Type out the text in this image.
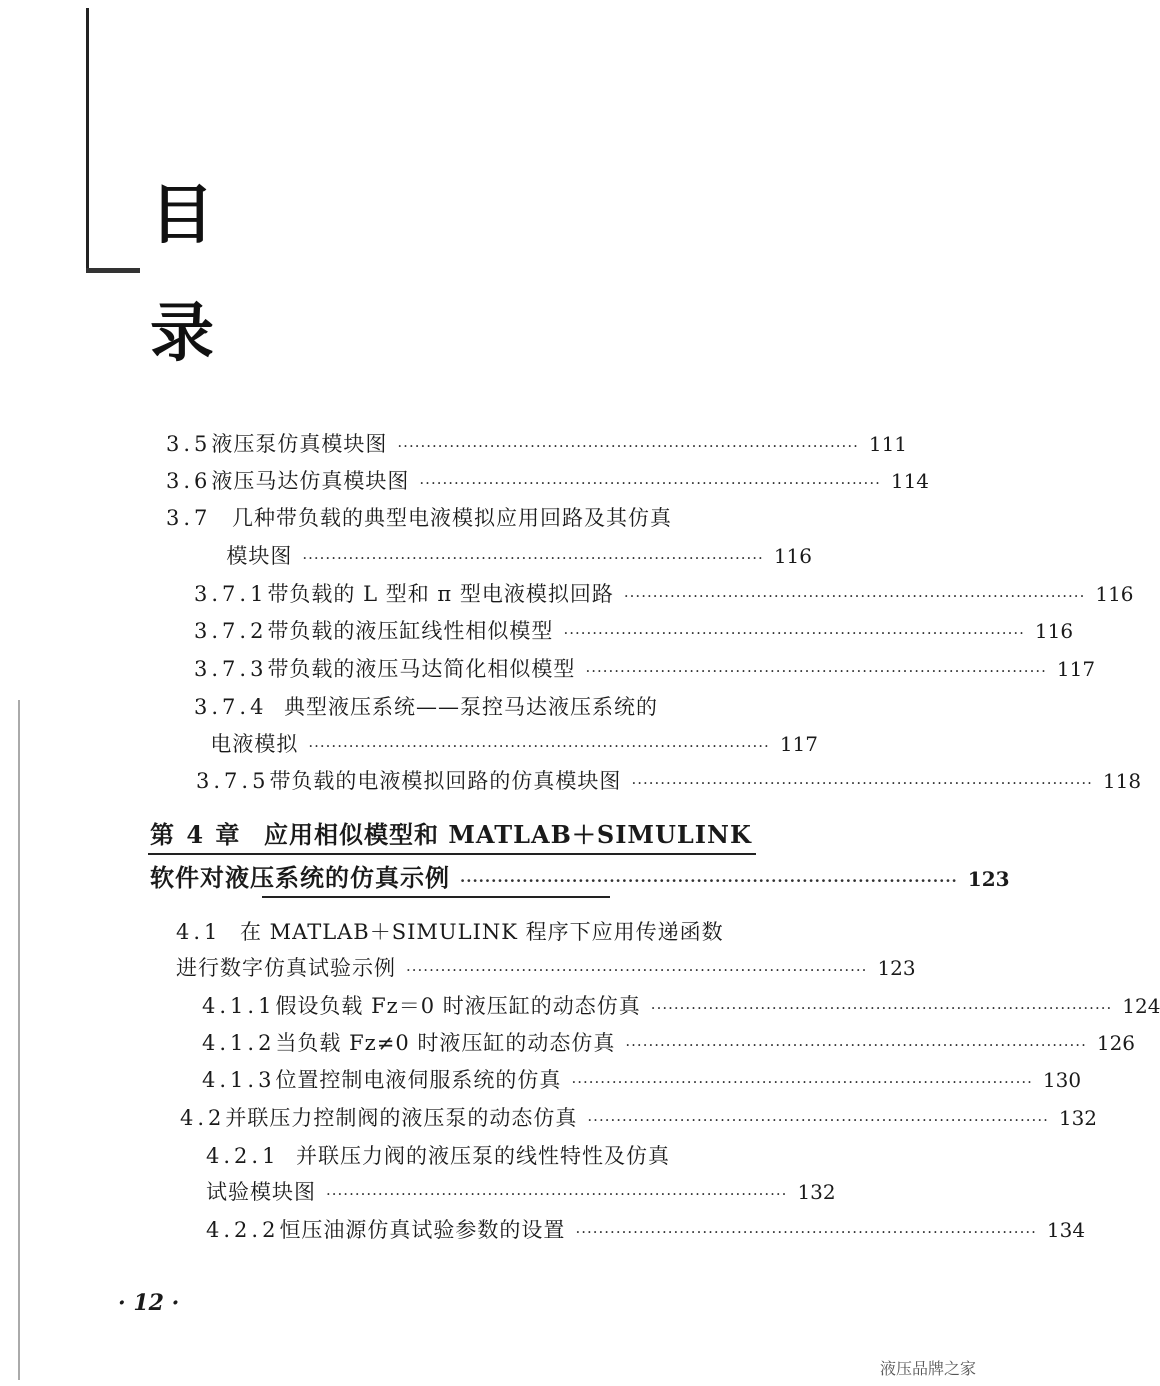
目
录
3.5 液压泵仿真模块图 ················································································ 111
3.6 液压马达仿真模块图 ················································································ 114
3.7 几种带负载的典型电液模拟应用回路及其仿真
模块图 ················································································ 116
3.7.1 带负载的 L 型和 π 型电液模拟回路 ················································································ 116
3.7.2 带负载的液压缸线性相似模型 ················································································ 116
3.7.3 带负载的液压马达简化相似模型 ················································································ 117
3.7.4 典型液压系统——泵控马达液压系统的
电液模拟 ················································································ 117
3.7.5 带负载的电液模拟回路的仿真模块图 ················································································ 118
第 4 章 应用相似模型和 MATLAB＋SIMULINK
软件对液压系统的仿真示例 ················································································ 123
4.1 在 MATLAB＋SIMULINK 程序下应用传递函数
进行数字仿真试验示例 ················································································ 123
4.1.1 假设负载 Fz＝0 时液压缸的动态仿真 ················································································ 124
4.1.2 当负载 Fz≠0 时液压缸的动态仿真 ················································································ 126
4.1.3 位置控制电液伺服系统的仿真 ················································································ 130
4.2 并联压力控制阀的液压泵的动态仿真 ················································································ 132
4.2.1 并联压力阀的液压泵的线性特性及仿真
试验模块图 ················································································ 132
4.2.2 恒压油源仿真试验参数的设置 ················································································ 134
· 12 ·
液压品牌之家
